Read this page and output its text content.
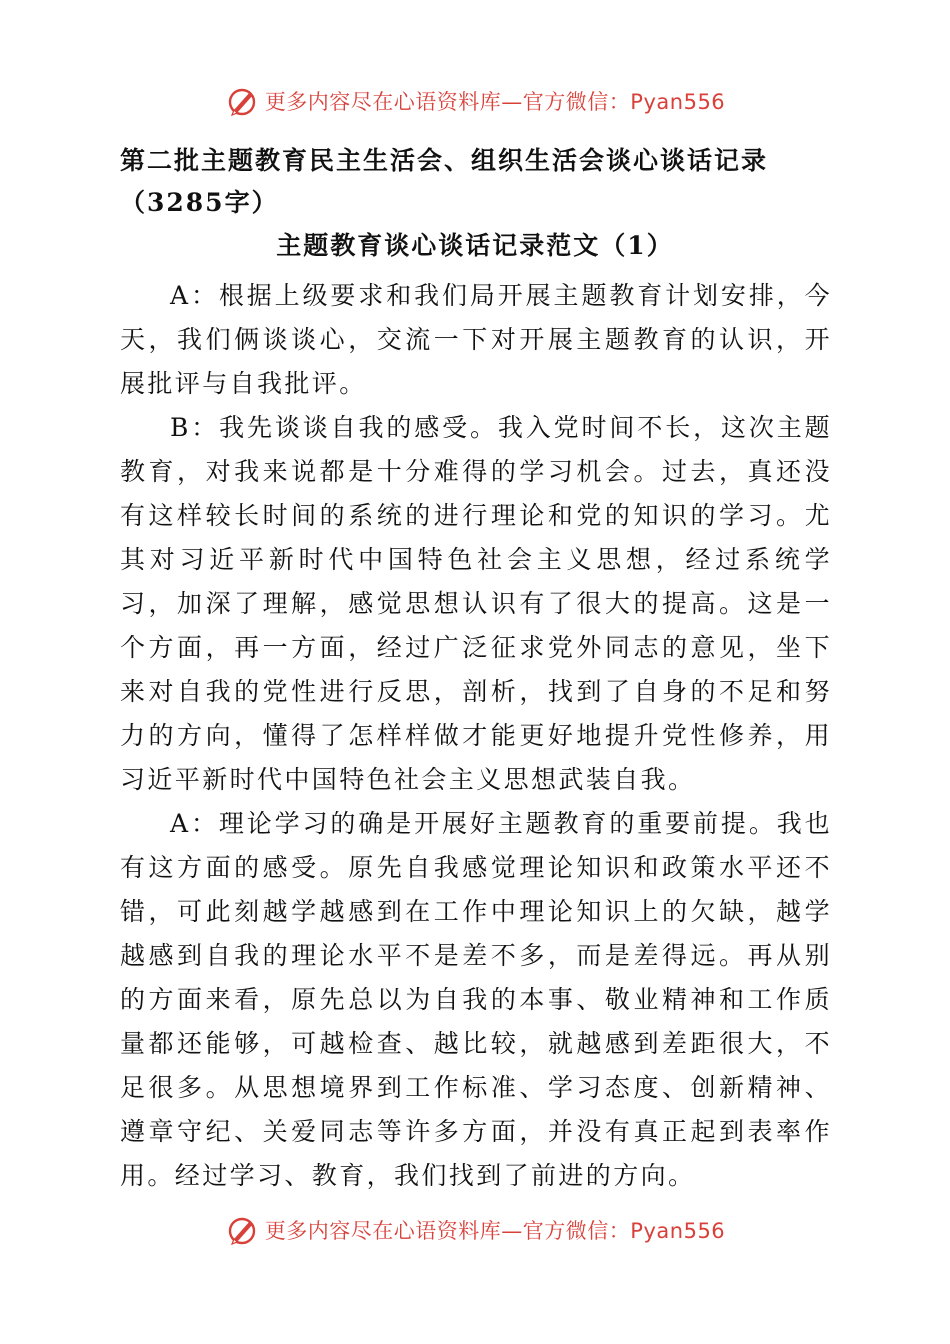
更多内容尽在心语资料库—官方微信：Pyan556
第二批主题教育民主生活会、组织生活会谈心谈话记录（3285字）
主题教育谈心谈话记录范文（1）

A：根据上级要求和我们局开展主题教育计划安排，今天，我们俩谈谈心，交流一下对开展主题教育的认识，开展批评与自我批评。

B：我先谈谈自我的感受。我入党时间不长，这次主题教育，对我来说都是十分难得的学习机会。过去，真还没有这样较长时间的系统的进行理论和党的知识的学习。尤其对习近平新时代中国特色社会主义思想，经过系统学习，加深了理解，感觉思想认识有了很大的提高。这是一个方面，再一方面，经过广泛征求党外同志的意见，坐下来对自我的党性进行反思，剖析，找到了自身的不足和努力的方向，懂得了怎样样做才能更好地提升党性修养，用习近平新时代中国特色社会主义思想武装自我。

A：理论学习的确是开展好主题教育的重要前提。我也有这方面的感受。原先自我感觉理论知识和政策水平还不错，可此刻越学越感到在工作中理论知识上的欠缺，越学越感到自我的理论水平不是差不多，而是差得远。再从别的方面来看，原先总以为自我的本事、敬业精神和工作质量都还能够，可越检查、越比较，就越感到差距很大，不足很多。从思想境界到工作标准、学习态度、创新精神、遵章守纪、关爱同志等许多方面，并没有真正起到表率作用。经过学习、教育，我们找到了前进的方向。

更多内容尽在心语资料库—官方微信：Pyan556
